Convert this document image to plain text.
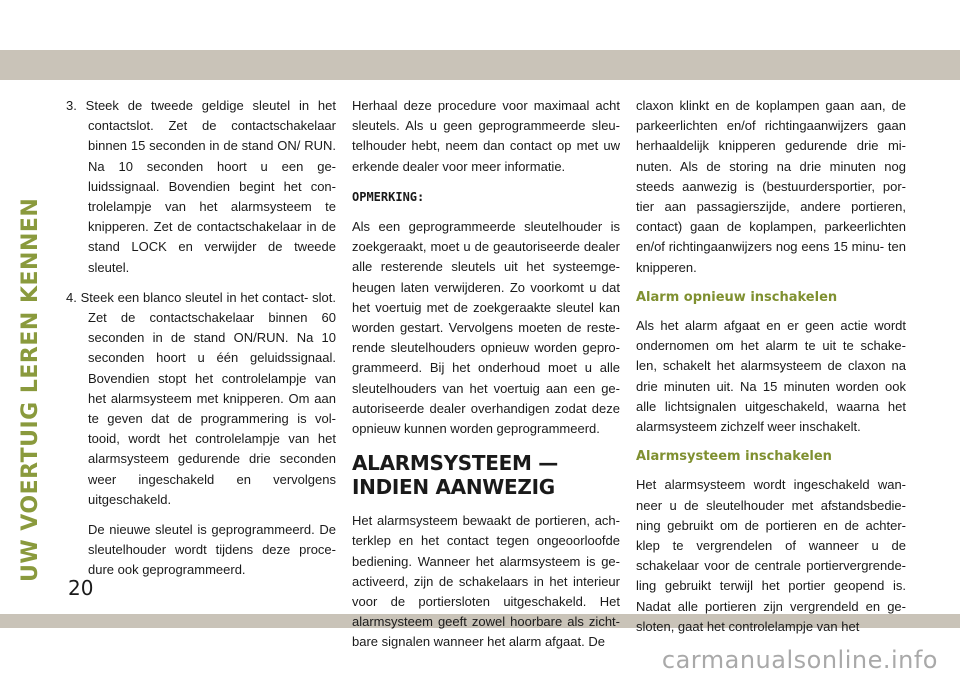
UW VOERTUIG LEREN KENNEN

3. Steek de tweede geldige sleutel in het contactslot. Zet de contactschakelaar binnen 15 seconden in de stand ON/ RUN. Na 10 seconden hoort u een ge- luidssignaal. Bovendien begint het con- trolelampje van het alarmsysteem te knipperen. Zet de contactschakelaar in de stand LOCK en verwijder de tweede sleutel.

4. Steek een blanco sleutel in het contact- slot. Zet de contactschakelaar binnen 60 seconden in de stand ON/RUN. Na 10 seconden hoort u één geluidssignaal. Bovendien stopt het controlelampje van het alarmsysteem met knipperen. Om aan te geven dat de programmering is vol- tooid, wordt het controlelampje van het alarmsysteem gedurende drie seconden weer ingeschakeld en vervolgens uitgeschakeld.

De nieuwe sleutel is geprogrammeerd. De sleutelhouder wordt tijdens deze proce- dure ook geprogrammeerd.

Herhaal deze procedure voor maximaal acht sleutels. Als u geen geprogrammeerde sleu- telhouder hebt, neem dan contact op met uw erkende dealer voor meer informatie.

OPMERKING:

Als een geprogrammeerde sleutelhouder is zoekgeraakt, moet u de geautoriseerde dealer alle resterende sleutels uit het systeemge- heugen laten verwijderen. Zo voorkomt u dat het voertuig met de zoekgeraakte sleutel kan worden gestart. Vervolgens moeten de reste- rende sleutelhouders opnieuw worden gepro- grammeerd. Bij het onderhoud moet u alle sleutelhouders van het voertuig aan een ge- autoriseerde dealer overhandigen zodat deze opnieuw kunnen worden geprogrammeerd.

ALARMSYSTEEM — INDIEN AANWEZIG

Het alarmsysteem bewaakt de portieren, ach- terklep en het contact tegen ongeoorloofde bediening. Wanneer het alarmsysteem is ge- activeerd, zijn de schakelaars in het interieur voor de portiersloten uitgeschakeld. Het alarmsysteem geeft zowel hoorbare als zicht- bare signalen wanneer het alarm afgaat. De

claxon klinkt en de koplampen gaan aan, de parkeerlichten en/of richtingaanwijzers gaan herhaaldelijk knipperen gedurende drie mi- nuten. Als de storing na drie minuten nog steeds aanwezig is (bestuurdersportier, por- tier aan passagierszijde, andere portieren, contact) gaan de koplampen, parkeerlichten en/of richtingaanwijzers nog eens 15 minu- ten knipperen.

Alarm opnieuw inschakelen

Als het alarm afgaat en er geen actie wordt ondernomen om het alarm te uit te schake- len, schakelt het alarmsysteem de claxon na drie minuten uit. Na 15 minuten worden ook alle lichtsignalen uitgeschakeld, waarna het alarmsysteem zichzelf weer inschakelt.

Alarmsysteem inschakelen

Het alarmsysteem wordt ingeschakeld wan- neer u de sleutelhouder met afstandsbedie- ning gebruikt om de portieren en de achter- klep te vergrendelen of wanneer u de schakelaar voor de centrale portiervergrende- ling gebruikt terwijl het portier geopend is. Nadat alle portieren zijn vergrendeld en ge- sloten, gaat het controlelampje van het

20
carmanualsonline.info
